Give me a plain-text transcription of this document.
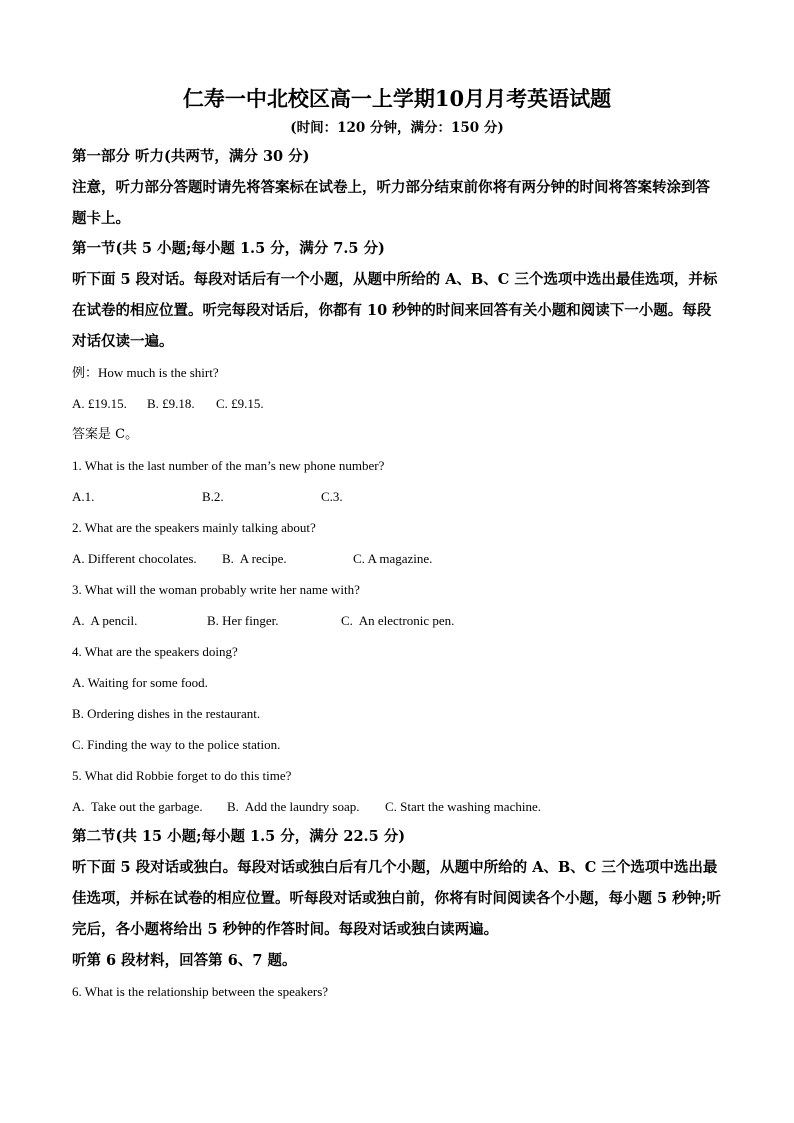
仁寿一中北校区高一上学期10月月考英语试题
(时间：120 分钟，满分：150 分)
第一部分 听力(共两节，满分 30 分)
注意，听力部分答题时请先将答案标在试卷上，听力部分结束前你将有两分钟的时间将答案转涂到答题卡上。
第一节(共 5 小题;每小题 1.5 分，满分 7.5 分)
听下面 5 段对话。每段对话后有一个小题，从题中所给的 A、B、C 三个选项中选出最佳选项，并标在试卷的相应位置。听完每段对话后，你都有 10 秒钟的时间来回答有关小题和阅读下一小题。每段对话仅读一遍。
例：How much is the shirt?
A. £19.15.	B. £9.18.	C. £9.15.
答案是 C。
1. What is the last number of the man’s new phone number?
A.1.	B.2.	C.3.
2. What are the speakers mainly talking about?
A. Different chocolates.	B.  A recipe.	C. A magazine.
3. What will the woman probably write her name with?
A.  A pencil.	B. Her finger.	C.  An electronic pen.
4. What are the speakers doing?
A. Waiting for some food.
B. Ordering dishes in the restaurant.
C. Finding the way to the police station.
5. What did Robbie forget to do this time?
A.  Take out the garbage.	B.  Add the laundry soap.	C. Start the washing machine.
第二节(共 15 小题;每小题 1.5 分，满分 22.5 分)
听下面 5 段对话或独白。每段对话或独白后有几个小题，从题中所给的 A、B、C 三个选项中选出最佳选项，并标在试卷的相应位置。听每段对话或独白前，你将有时间阅读各个小题，每小题 5 秒钟;听完后，各小题将给出 5 秒钟的作答时间。每段对话或独白读两遍。
听第 6 段材料，回答第 6、7 题。
6. What is the relationship between the speakers?
